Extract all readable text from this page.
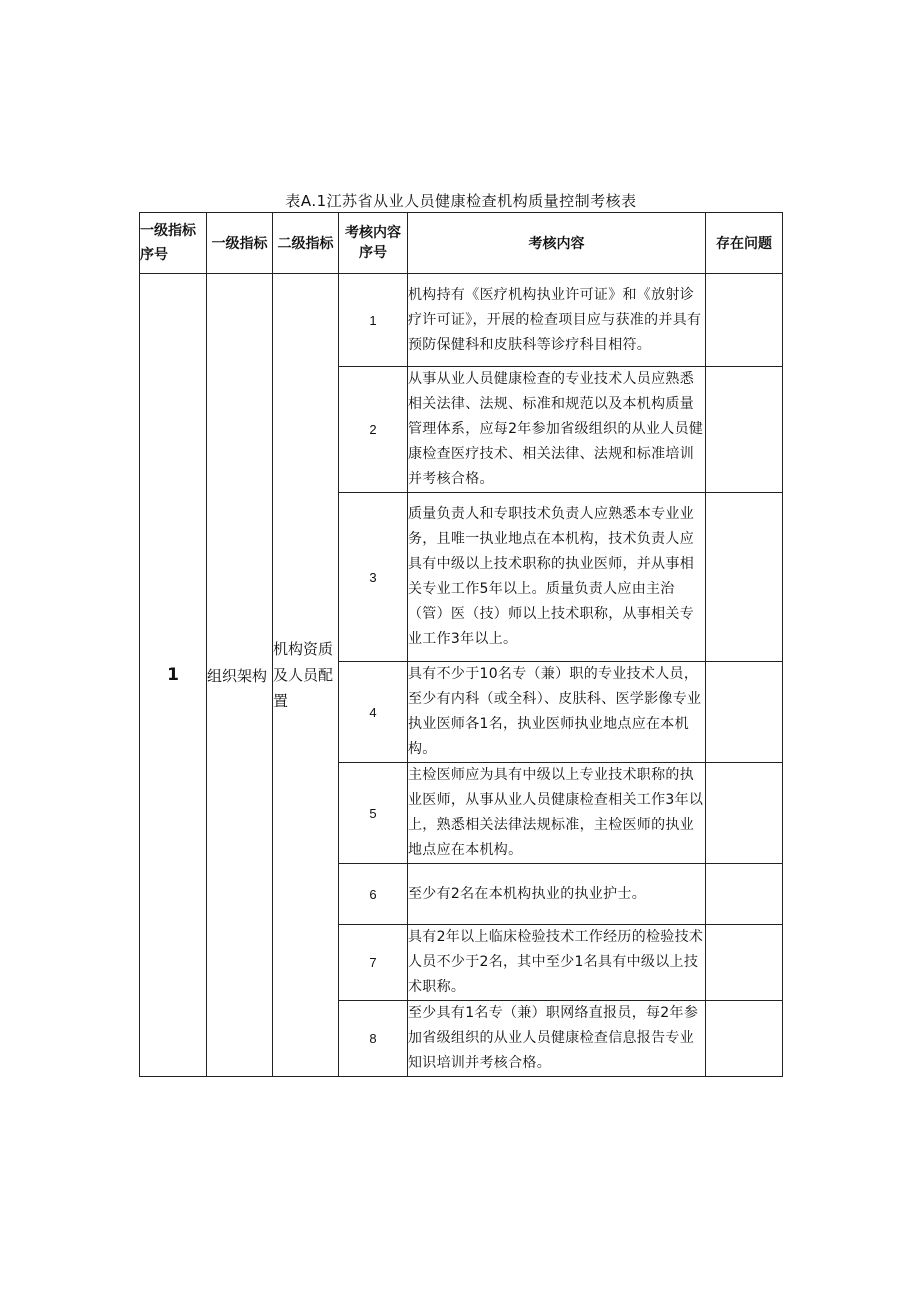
表A.1江苏省从业人员健康检查机构质量控制考核表
一级指标序号	一级指标	二级指标	考核内容序号	考核内容	存在问题
1	组织架构	机构资质及人员配置	1	机构持有《医疗机构执业许可证》和《放射诊疗许可证》，开展的检查项目应与获准的并具有预防保健科和皮肤科等诊疗科目相符。	
			2	从事从业人员健康检查的专业技术人员应熟悉相关法律、法规、标准和规范以及本机构质量管理体系，应每2年参加省级组织的从业人员健康检查医疗技术、相关法律、法规和标准培训并考核合格。	
			3	质量负责人和专职技术负责人应熟悉本专业业务，且唯一执业地点在本机构，技术负责人应具有中级以上技术职称的执业医师，并从事相关专业工作5年以上。质量负责人应由主治（管）医（技）师以上技术职称，从事相关专业工作3年以上。	
			4	具有不少于10名专（兼）职的专业技术人员，至少有内科（或全科）、皮肤科、医学影像专业执业医师各1名，执业医师执业地点应在本机构。	
			5	主检医师应为具有中级以上专业技术职称的执业医师，从事从业人员健康检查相关工作3年以上，熟悉相关法律法规标准，主检医师的执业地点应在本机构。	
			6	至少有2名在本机构执业的执业护士。	
			7	具有2年以上临床检验技术工作经历的检验技术人员不少于2名，其中至少1名具有中级以上技术职称。	
			8	至少具有1名专（兼）职网络直报员，每2年参加省级组织的从业人员健康检查信息报告专业知识培训并考核合格。	
